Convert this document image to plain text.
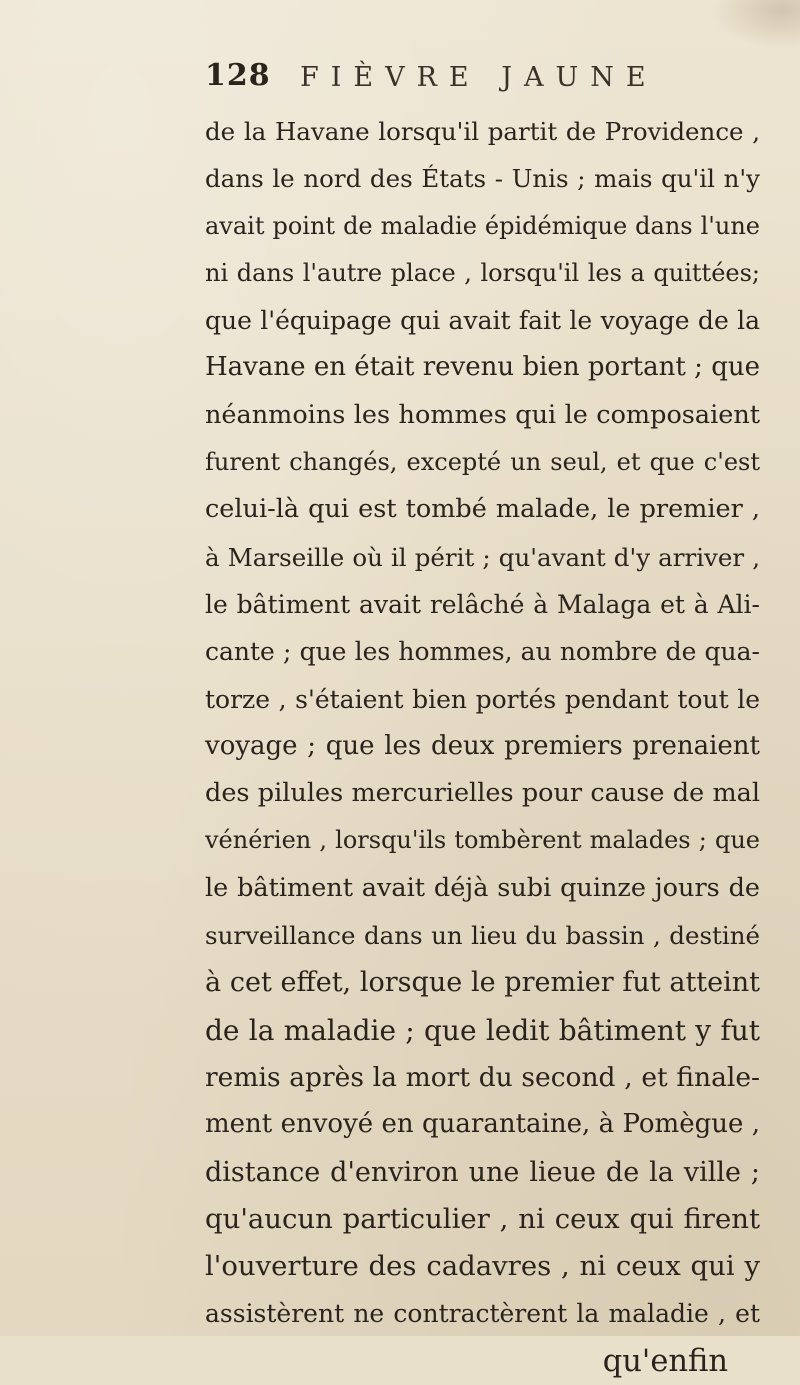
128 FIÈVRE JAUNE
de la Havane lorsqu'il partit de Providence ,
dans le nord des États - Unis ; mais qu'il n'y
avait point de maladie épidémique dans l'une
ni dans l'autre place , lorsqu'il les a quittées;
que l'équipage qui avait fait le voyage de la
Havane en était revenu bien portant ; que
néanmoins les hommes qui le composaient
furent changés, excepté un seul, et que c'est
celui-là qui est tombé malade, le premier ,
à Marseille où il périt ; qu'avant d'y arriver ,
le bâtiment avait relâché à Malaga et à Ali-
cante ; que les hommes, au nombre de qua-
torze , s'étaient bien portés pendant tout le
voyage ; que les deux premiers prenaient
des pilules mercurielles pour cause de mal
vénérien , lorsqu'ils tombèrent malades ; que
le bâtiment avait déjà subi quinze jours de
surveillance dans un lieu du bassin , destiné
à cet effet, lorsque le premier fut atteint
de la maladie ; que ledit bâtiment y fut
remis après la mort du second , et finale-
ment envoyé en quarantaine, à Pomègue ,
distance d'environ une lieue de la ville ;
qu'aucun particulier , ni ceux qui firent
l'ouverture des cadavres , ni ceux qui y
assistèrent ne contractèrent la maladie , et
qu'enfin
